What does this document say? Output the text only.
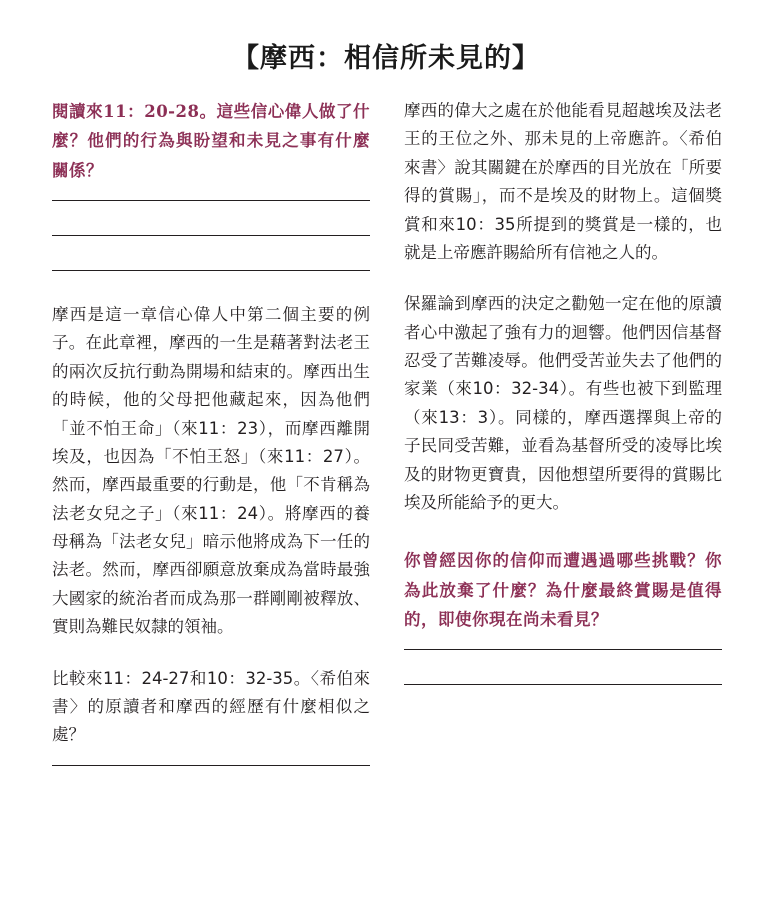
【摩西：相信所未見的】

閱讀來11：20-28。這些信心偉人做了什麼？他們的行為與盼望和未見之事有什麼關係？

摩西是這一章信心偉人中第二個主要的例子。在此章裡，摩西的一生是藉著對法老王的兩次反抗行動為開場和結束的。摩西出生的時候，他的父母把他藏起來，因為他們「並不怕王命」（來11：23），而摩西離開埃及，也因為「不怕王怒」（來11：27）。然而，摩西最重要的行動是，他「不肯稱為法老女兒之子」（來11：24）。將摩西的養母稱為「法老女兒」暗示他將成為下一任的法老。然而，摩西卻願意放棄成為當時最強大國家的統治者而成為那一群剛剛被釋放、實則為難民奴隸的領袖。

比較來11：24-27和10：32-35。〈希伯來書〉的原讀者和摩西的經歷有什麼相似之處？

摩西的偉大之處在於他能看見超越埃及法老王的王位之外、那未見的上帝應許。〈希伯來書〉說其關鍵在於摩西的目光放在「所要得的賞賜」，而不是埃及的財物上。這個獎賞和來10：35所提到的獎賞是一樣的，也就是上帝應許賜給所有信祂之人的。

保羅論到摩西的決定之勸勉一定在他的原讀者心中激起了強有力的迴響。他們因信基督忍受了苦難凌辱。他們受苦並失去了他們的家業（來10：32-34）。有些也被下到監理（來13：3）。同樣的，摩西選擇與上帝的子民同受苦難，並看為基督所受的凌辱比埃及的財物更寶貴，因他想望所要得的賞賜比埃及所能給予的更大。

你曾經因你的信仰而遭遇過哪些挑戰？你為此放棄了什麼？為什麼最終賞賜是值得的，即使你現在尚未看見？
